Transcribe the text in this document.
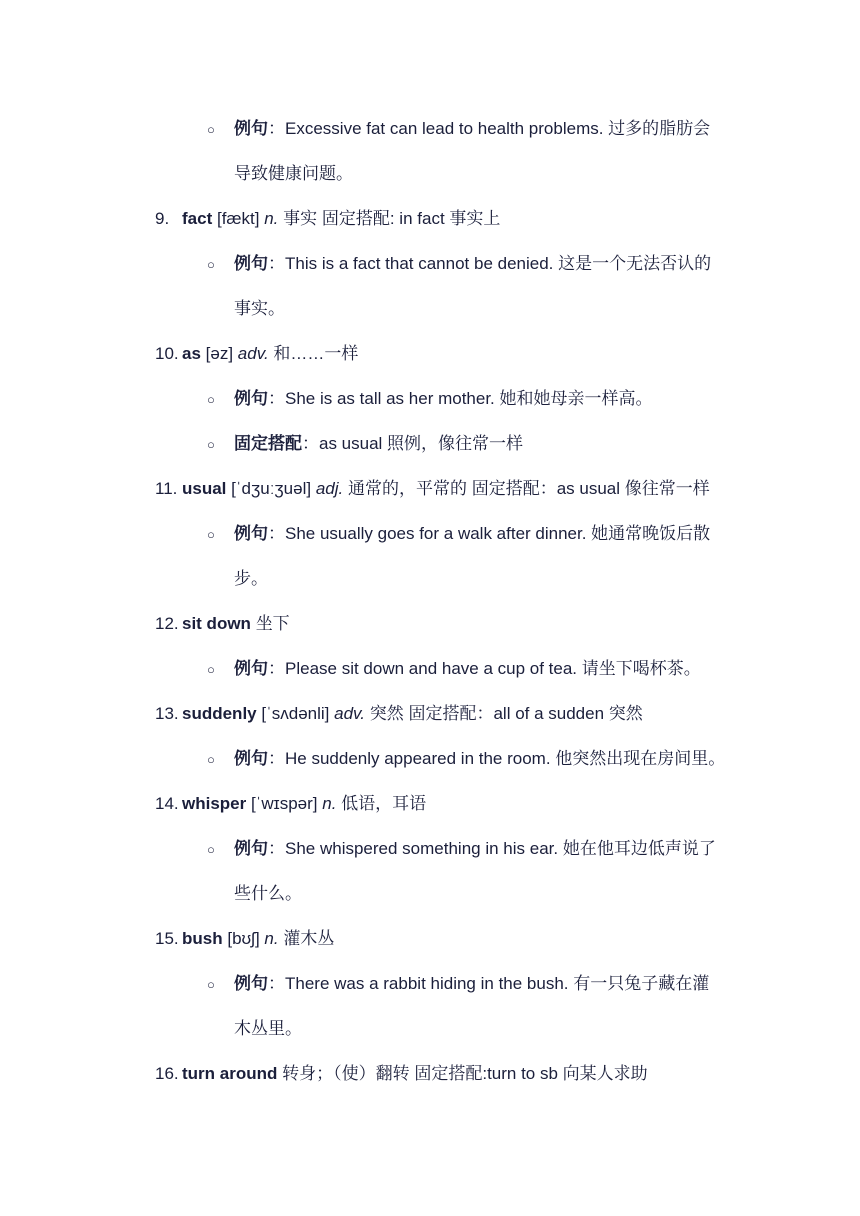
○ 例句：Excessive fat can lead to health problems. 过多的脂肪会
导致健康问题。
9. fact [fækt] n. 事实 固定搭配: in fact 事实上
○ 例句：This is a fact that cannot be denied. 这是一个无法否认的
事实。
10. as [əz] adv. 和……一样
○ 例句：She is as tall as her mother. 她和她母亲一样高。
○ 固定搭配：as usual 照例，像往常一样
11. usual [ˈdʒuːʒuəl] adj. 通常的，平常的 固定搭配：as usual 像往常一样
○ 例句：She usually goes for a walk after dinner. 她通常晚饭后散
步。
12. sit down 坐下
○ 例句：Please sit down and have a cup of tea. 请坐下喝杯茶。
13. suddenly [ˈsʌdənli] adv. 突然 固定搭配：all of a sudden 突然
○ 例句：He suddenly appeared in the room. 他突然出现在房间里。
14. whisper [ˈwɪspər] n. 低语，耳语
○ 例句：She whispered something in his ear. 她在他耳边低声说了
些什么。
15. bush [bʊʃ] n. 灌木丛
○ 例句：There was a rabbit hiding in the bush. 有一只兔子藏在灌
木丛里。
16. turn around 转身；（使）翻转 固定搭配:turn to sb 向某人求助
